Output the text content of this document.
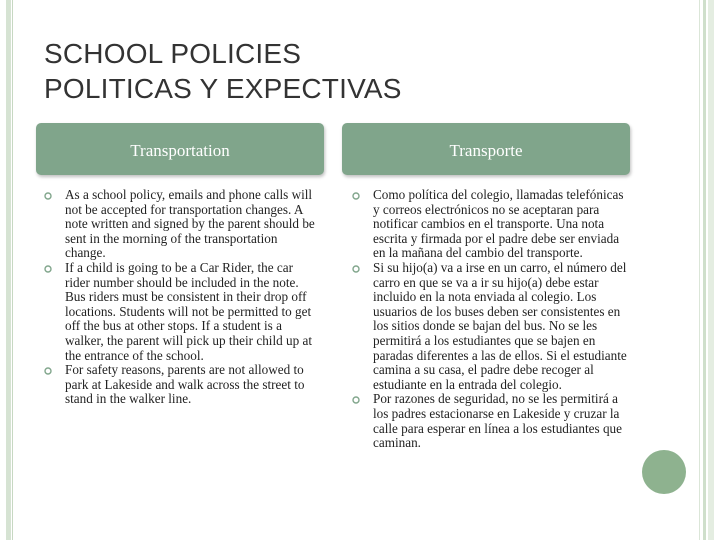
SCHOOL POLICIES
POLITICAS Y EXPECTIVAS
Transportation	Transporte
As a school policy, emails and phone calls will not be accepted for transportation changes. A note written and signed by the parent should be sent in the morning of the transportation change.
If a child is going to be a Car Rider, the car rider number should be included in the note. Bus riders must be consistent in their drop off locations. Students will not be permitted to get off the bus at other stops. If a student is a walker, the parent will pick up their child up at the entrance of the school.
For safety reasons, parents are not allowed to park at Lakeside and walk across the street to stand in the walker line.
Como política del colegio, llamadas telefónicas y correos electrónicos no se aceptaran para notificar cambios en el transporte. Una nota escrita y firmada por el padre debe ser enviada en la mañana del cambio del transporte.
Si su hijo(a) va a irse en un carro, el número del carro en que se va a ir su hijo(a) debe estar incluido en la nota enviada al colegio. Los usuarios de los buses deben ser consistentes en los sitios donde se bajan del bus. No se les permitirá a los estudiantes que se bajen en paradas diferentes a las de ellos. Si el estudiante camina a su casa, el padre debe recoger al estudiante en la entrada del colegio.
Por razones de seguridad, no se les permitirá a los padres estacionarse en Lakeside y cruzar la calle para esperar en línea a los estudiantes que caminan.
